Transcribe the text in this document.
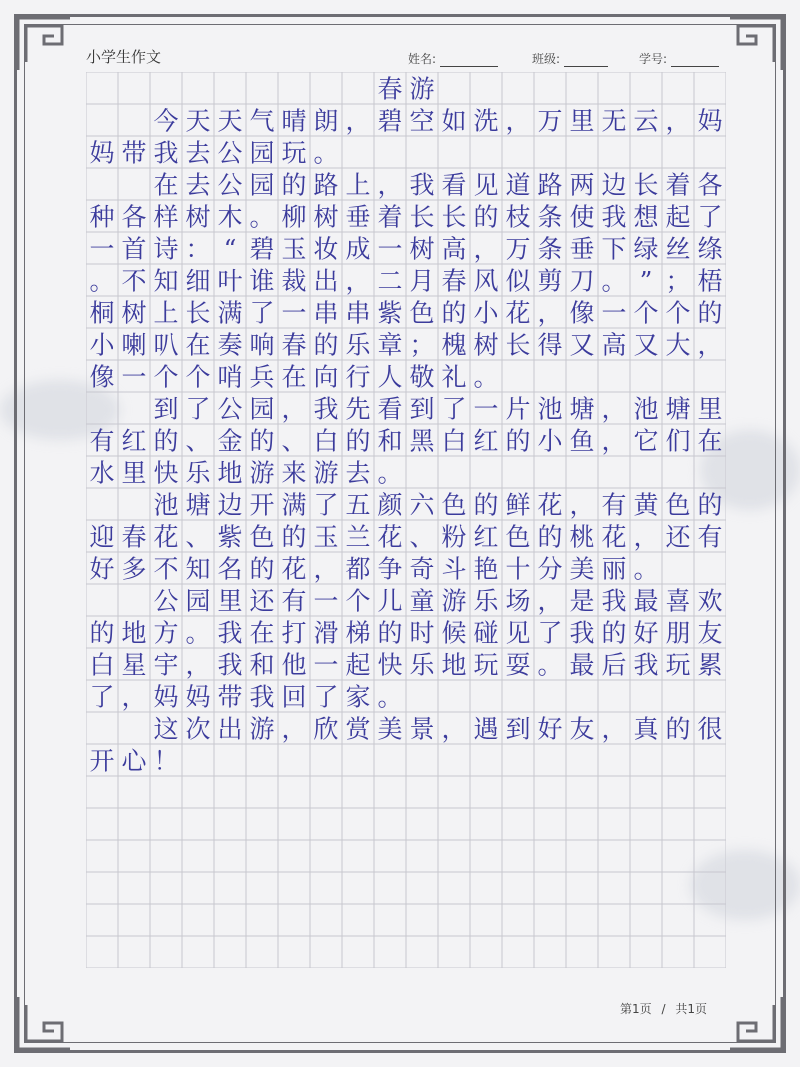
小学生作文	姓名:	班级:	学号:
春 游
今 天 天 气 晴 朗 ， 碧 空 如 洗 ， 万 里 无 云 ， 妈
妈 带 我 去 公 园 玩 。
在 去 公 园 的 路 上 ， 我 看 见 道 路 两 边 长 着 各
种 各 样 树 木 。 柳 树 垂 着 长 长 的 枝 条 使 我 想 起 了
一 首 诗 ： “ 碧 玉 妆 成 一 树 高 ， 万 条 垂 下 绿 丝 绦
。 不 知 细 叶 谁 裁 出 ， 二 月 春 风 似 剪 刀 。 ” ； 梧
桐 树 上 长 满 了 一 串 串 紫 色 的 小 花 ， 像 一 个 个 的
小 喇 叭 在 奏 响 春 的 乐 章 ； 槐 树 长 得 又 高 又 大 ，
像 一 个 个 哨 兵 在 向 行 人 敬 礼 。
到 了 公 园 ， 我 先 看 到 了 一 片 池 塘 ， 池 塘 里
有 红 的 、 金 的 、 白 的 和 黑 白 红 的 小 鱼 ， 它 们 在
水 里 快 乐 地 游 来 游 去 。
池 塘 边 开 满 了 五 颜 六 色 的 鲜 花 ， 有 黄 色 的
迎 春 花 、 紫 色 的 玉 兰 花 、 粉 红 色 的 桃 花 ， 还 有
好 多 不 知 名 的 花 ， 都 争 奇 斗 艳 十 分 美 丽 。
公 园 里 还 有 一 个 儿 童 游 乐 场 ， 是 我 最 喜 欢
的 地 方 。 我 在 打 滑 梯 的 时 候 碰 见 了 我 的 好 朋 友
白 星 宇 ， 我 和 他 一 起 快 乐 地 玩 耍 。 最 后 我 玩 累
了 ， 妈 妈 带 我 回 了 家 。
这 次 出 游 ， 欣 赏 美 景 ， 遇 到 好 友 ， 真 的 很
开 心 ！
第1页 / 共1页
